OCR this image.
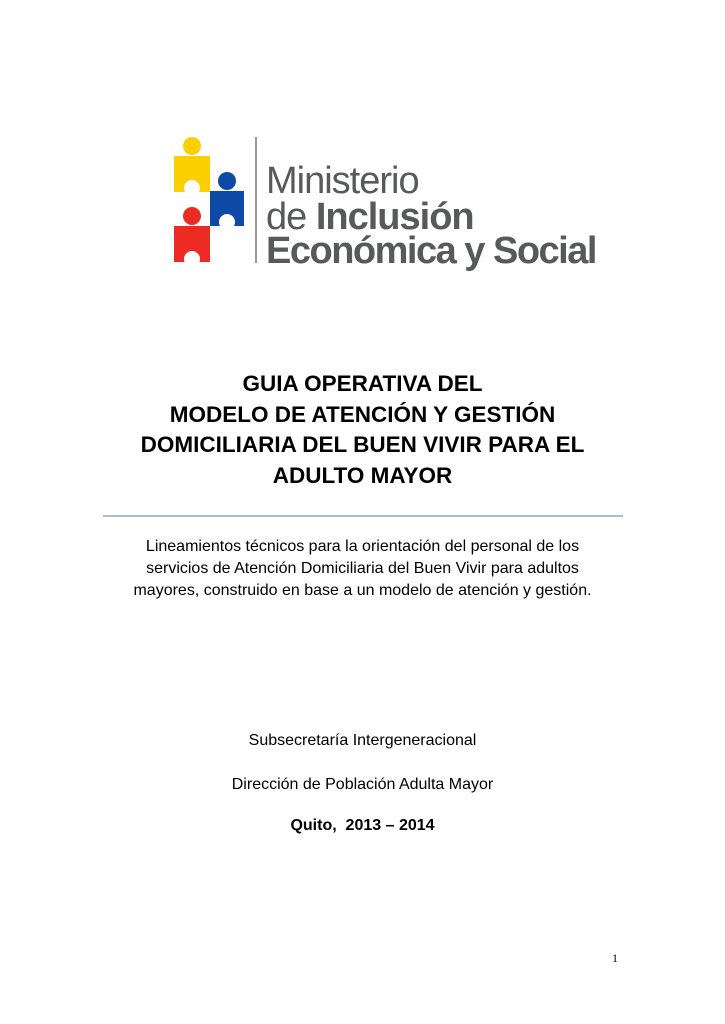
Ministerio
de Inclusión
Económica y Social
GUIA OPERATIVA DEL
MODELO DE ATENCIÓN Y GESTIÓN
DOMICILIARIA DEL BUEN VIVIR PARA EL
ADULTO MAYOR
Lineamientos técnicos para la orientación del personal de los
servicios de Atención Domiciliaria del Buen Vivir para adultos
mayores, construido en base a un modelo de atención y gestión.
Subsecretaría Intergeneracional
Dirección de Población Adulta Mayor
Quito,  2013 – 2014
1
